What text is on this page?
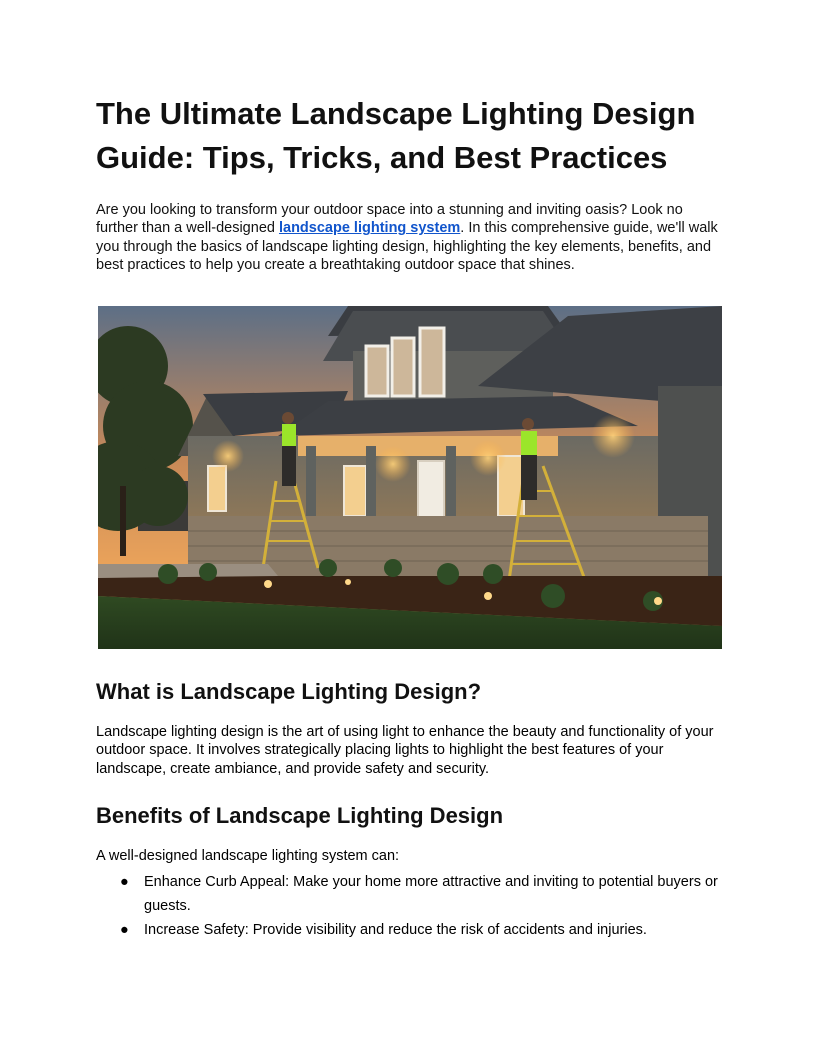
The Ultimate Landscape Lighting Design Guide: Tips, Tricks, and Best Practices

Are you looking to transform your outdoor space into a stunning and inviting oasis? Look no further than a well-designed landscape lighting system. In this comprehensive guide, we'll walk you through the basics of landscape lighting design, highlighting the key elements, benefits, and best practices to help you create a breathtaking outdoor space that shines.

What is Landscape Lighting Design?

Landscape lighting design is the art of using light to enhance the beauty and functionality of your outdoor space. It involves strategically placing lights to highlight the best features of your landscape, create ambiance, and provide safety and security.

Benefits of Landscape Lighting Design

A well-designed landscape lighting system can:

● Enhance Curb Appeal: Make your home more attractive and inviting to potential buyers or guests.
● Increase Safety: Provide visibility and reduce the risk of accidents and injuries.
